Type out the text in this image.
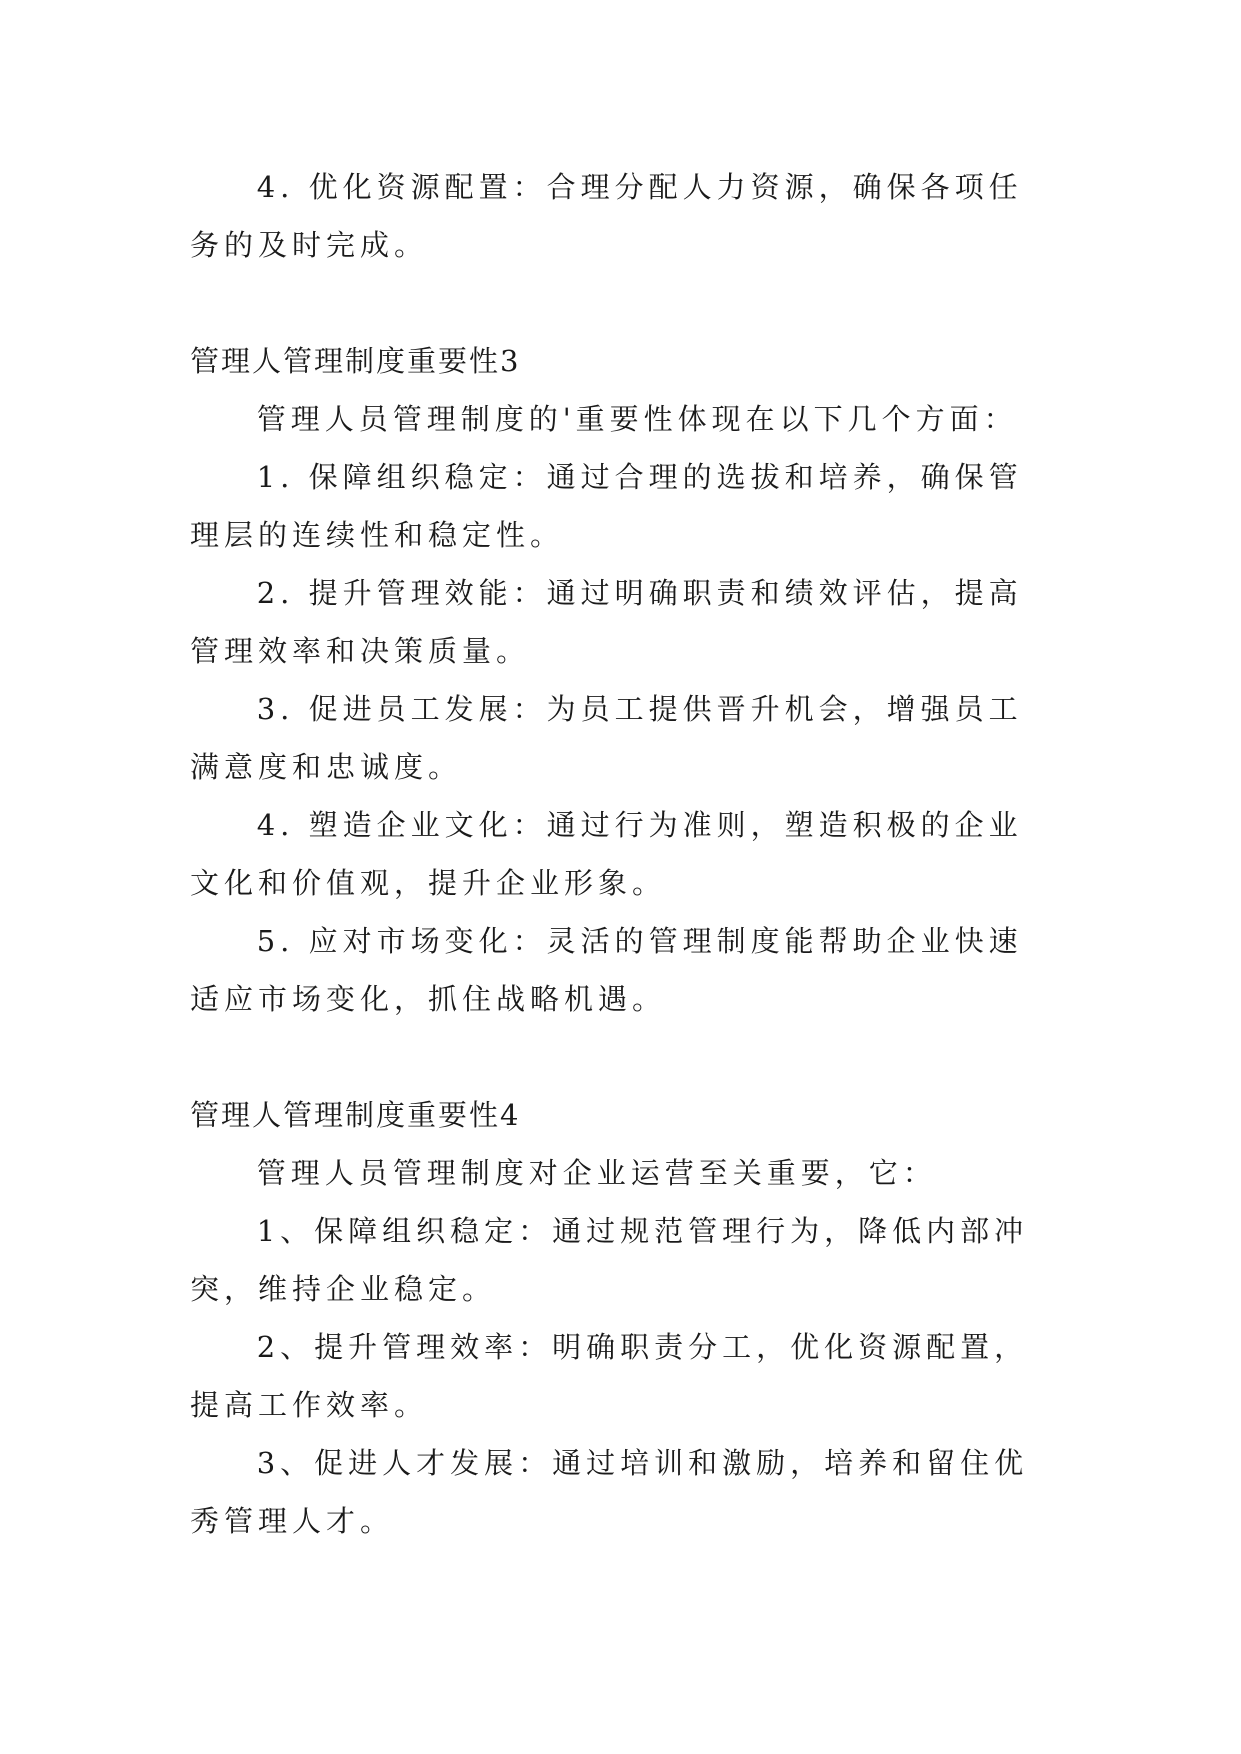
4. 优化资源配置：合理分配人力资源，确保各项任务的及时完成。

管理人管理制度重要性3

管理人员管理制度的'重要性体现在以下几个方面：

1. 保障组织稳定：通过合理的选拔和培养，确保管理层的连续性和稳定性。

2. 提升管理效能：通过明确职责和绩效评估，提高管理效率和决策质量。

3. 促进员工发展：为员工提供晋升机会，增强员工满意度和忠诚度。

4. 塑造企业文化：通过行为准则，塑造积极的企业文化和价值观，提升企业形象。

5. 应对市场变化：灵活的管理制度能帮助企业快速适应市场变化，抓住战略机遇。

管理人管理制度重要性4

管理人员管理制度对企业运营至关重要，它：

1、保障组织稳定：通过规范管理行为，降低内部冲突，维持企业稳定。

2、提升管理效率：明确职责分工，优化资源配置，提高工作效率。

3、促进人才发展：通过培训和激励，培养和留住优秀管理人才。
